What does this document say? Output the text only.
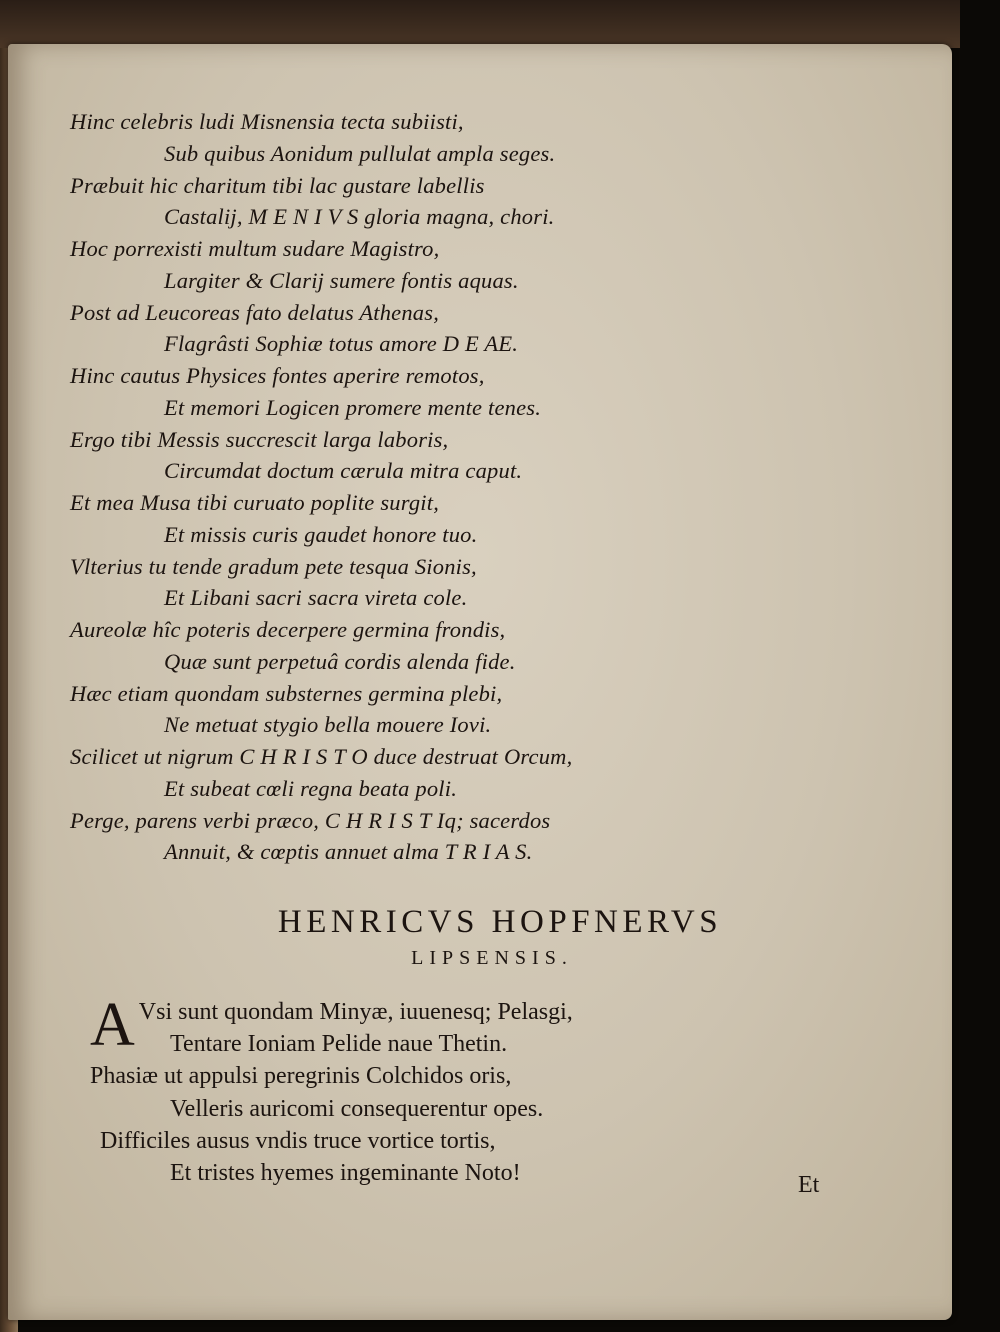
Hinc celebris ludi Misnensia tecta subiisti,
Sub quibus Aonidum pullulat ampla seges.
Præbuit hic charitum tibi lac gustare labellis
Castalij, M E N I V S gloria magna, chori.
Hoc porrexisti multum sudare Magistro,
Largiter & Clarij sumere fontis aquas.
Post ad Leucoreas fato delatus Athenas,
Flagrâsti Sophiæ totus amore D E AE.
Hinc cautus Physices fontes aperire remotos,
Et memori Logicen promere mente tenes.
Ergo tibi Messis succrescit larga laboris,
Circumdat doctum cærula mitra caput.
Et mea Musa tibi curuato poplite surgit,
Et missis curis gaudet honore tuo.
Vlterius tu tende gradum pete tesqua Sionis,
Et Libani sacri sacra vireta cole.
Aureolæ hîc poteris decerpere germina frondis,
Quæ sunt perpetuâ cordis alenda fide.
Hæc etiam quondam substernes germina plebi,
Ne metuat stygio bella mouere Iovi.
Scilicet ut nigrum C H R I S T O duce destruat Orcum,
Et subeat cœli regna beata poli.
Perge, parens verbi præco, C H R I S T Iq; sacerdos
Annuit, & cœptis annuet alma T R I A S.
HENRICVS HOPFNERVS
LIPSENSIS.
A Vsi sunt quondam Minyæ, iuuenesq; Pelasgi,
Tentare Ioniam Pelide naue Thetin.
Phasiæ ut appulsi peregrinis Colchidos oris,
Velleris auricomi consequerentur opes.
Difficiles ausus vndis truce vortice tortis,
Et tristes hyemes ingeminante Noto!	Et
